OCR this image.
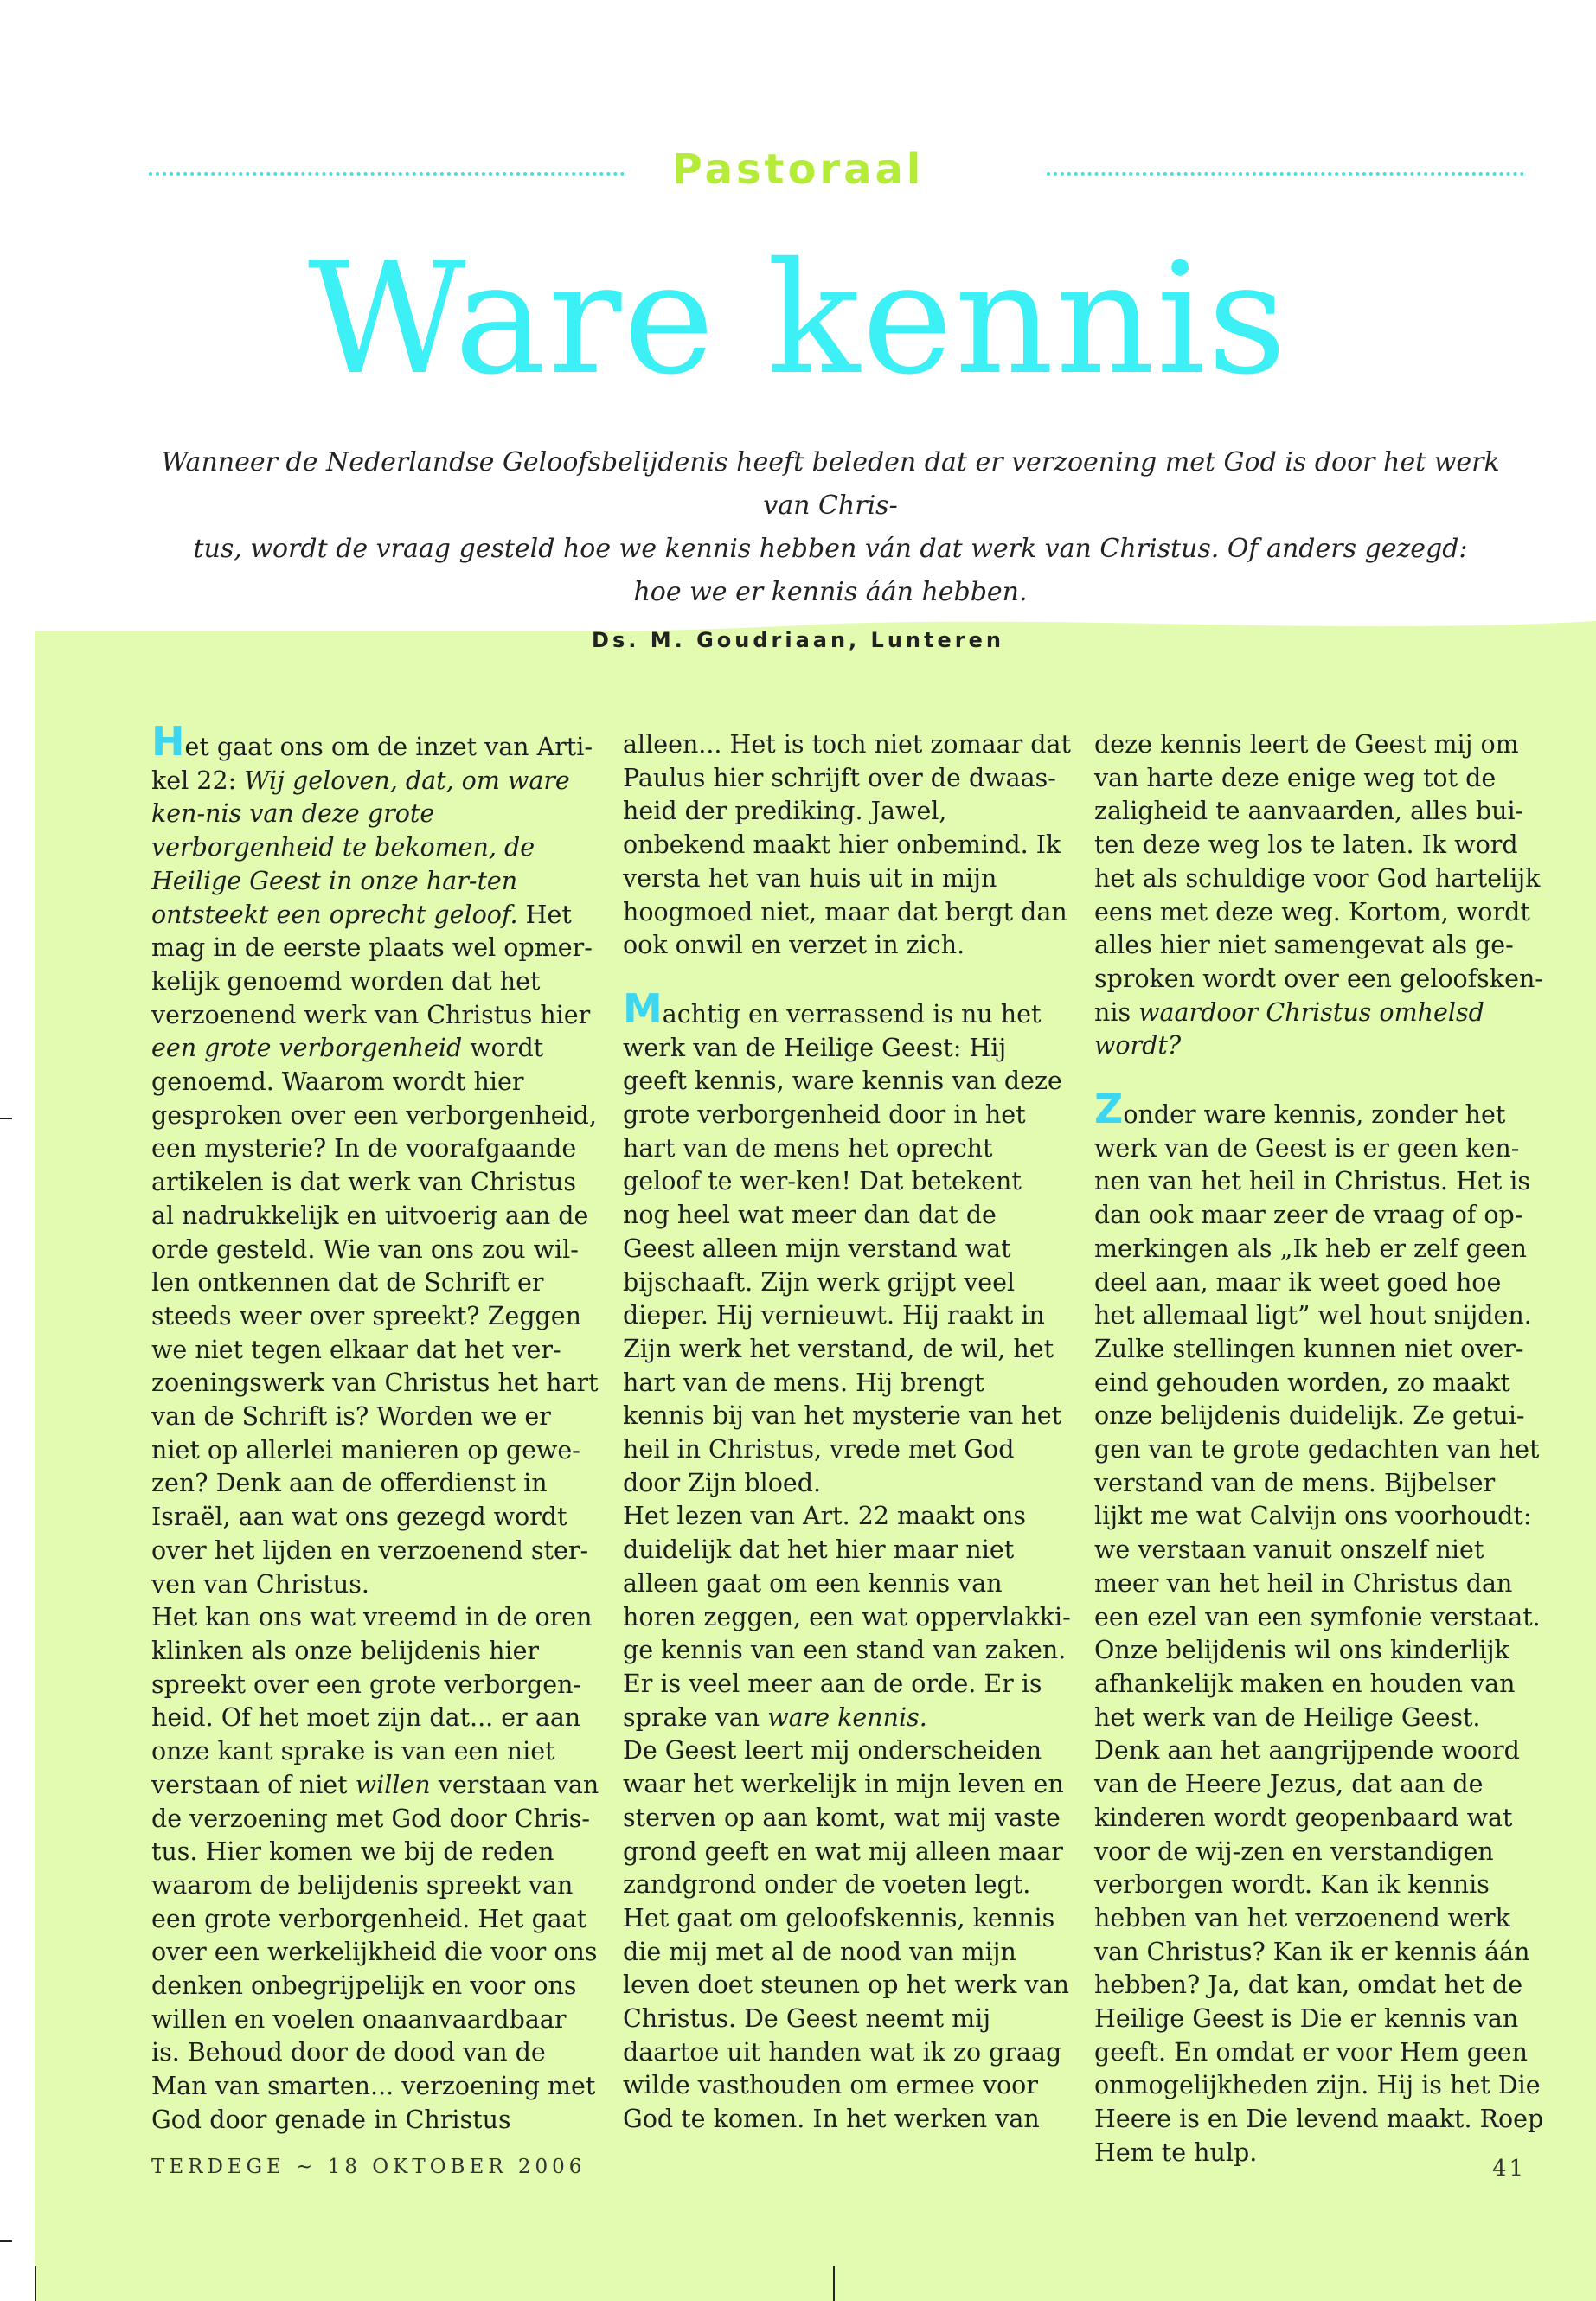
Pastoraal
Ware kennis

Wanneer de Nederlandse Geloofsbelijdenis heeft beleden dat er verzoening met God is door het werk van Chris-

tus, wordt de vraag gesteld hoe we kennis hebben ván dat werk van Christus. Of anders gezegd:

hoe we er kennis áán hebben.

Ds. M. Goudriaan, Lunteren

Het gaat ons om de inzet van Arti-kel 22: Wij geloven, dat, om ware ken-nis van deze grote verborgenheid te bekomen, de Heilige Geest in onze har-ten ontsteekt een oprecht geloof. Het mag in de eerste plaats wel opmer-kelijk genoemd worden dat het verzoenend werk van Christus hier een grote verborgenheid wordt genoemd. Waarom wordt hier gesproken over een verborgenheid, een mysterie? In de voorafgaande artikelen is dat werk van Christus al nadrukkelijk en uitvoerig aan de orde gesteld. Wie van ons zou wil-len ontkennen dat de Schrift er steeds weer over spreekt? Zeggen we niet tegen elkaar dat het ver-zoeningswerk van Christus het hart van de Schrift is? Worden we er niet op allerlei manieren op gewe-zen? Denk aan de offerdienst in Israël, aan wat ons gezegd wordt over het lijden en verzoenend ster-ven van Christus.

Het kan ons wat vreemd in de oren klinken als onze belijdenis hier spreekt over een grote verborgen-heid. Of het moet zijn dat... er aan onze kant sprake is van een niet verstaan of niet willen verstaan van de verzoening met God door Chris-tus. Hier komen we bij de reden waarom de belijdenis spreekt van een grote verborgenheid. Het gaat over een werkelijkheid die voor ons denken onbegrijpelijk en voor ons willen en voelen onaanvaardbaar is. Behoud door de dood van de Man van smarten... verzoening met God door genade in Christus

alleen... Het is toch niet zomaar dat Paulus hier schrijft over de dwaas-heid der prediking. Jawel, onbekend maakt hier onbemind. Ik versta het van huis uit in mijn hoogmoed niet, maar dat bergt dan ook onwil en verzet in zich.

Machtig en verrassend is nu het werk van de Heilige Geest: Hij geeft kennis, ware kennis van deze grote verborgenheid door in het hart van de mens het oprecht geloof te wer-ken! Dat betekent nog heel wat meer dan dat de Geest alleen mijn verstand wat bijschaaft. Zijn werk grijpt veel dieper. Hij vernieuwt. Hij raakt in Zijn werk het verstand, de wil, het hart van de mens. Hij brengt kennis bij van het mysterie van het heil in Christus, vrede met God door Zijn bloed.

Het lezen van Art. 22 maakt ons duidelijk dat het hier maar niet alleen gaat om een kennis van horen zeggen, een wat oppervlakki-ge kennis van een stand van zaken. Er is veel meer aan de orde. Er is sprake van ware kennis.

De Geest leert mij onderscheiden waar het werkelijk in mijn leven en sterven op aan komt, wat mij vaste grond geeft en wat mij alleen maar zandgrond onder de voeten legt. Het gaat om geloofskennis, kennis die mij met al de nood van mijn leven doet steunen op het werk van Christus. De Geest neemt mij daartoe uit handen wat ik zo graag wilde vasthouden om ermee voor God te komen. In het werken van

deze kennis leert de Geest mij om van harte deze enige weg tot de zaligheid te aanvaarden, alles bui-ten deze weg los te laten. Ik word het als schuldige voor God hartelijk eens met deze weg. Kortom, wordt alles hier niet samengevat als ge-sproken wordt over een geloofsken-nis waardoor Christus omhelsd wordt?

Zonder ware kennis, zonder het werk van de Geest is er geen ken-nen van het heil in Christus. Het is dan ook maar zeer de vraag of op-merkingen als „Ik heb er zelf geen deel aan, maar ik weet goed hoe het allemaal ligt” wel hout snijden. Zulke stellingen kunnen niet over-eind gehouden worden, zo maakt onze belijdenis duidelijk. Ze getui-gen van te grote gedachten van het verstand van de mens. Bijbelser lijkt me wat Calvijn ons voorhoudt: we verstaan vanuit onszelf niet meer van het heil in Christus dan een ezel van een symfonie verstaat.

Onze belijdenis wil ons kinderlijk afhankelijk maken en houden van het werk van de Heilige Geest. Denk aan het aangrijpende woord van de Heere Jezus, dat aan de kinderen wordt geopenbaard wat voor de wij-zen en verstandigen verborgen wordt. Kan ik kennis hebben van het verzoenend werk van Christus? Kan ik er kennis áán hebben? Ja, dat kan, omdat het de Heilige Geest is Die er kennis van geeft. En omdat er voor Hem geen onmogelijkheden zijn. Hij is het Die Heere is en Die levend maakt. Roep Hem te hulp.

TERDEGE ~ 18 OKTOBER 2006	41
